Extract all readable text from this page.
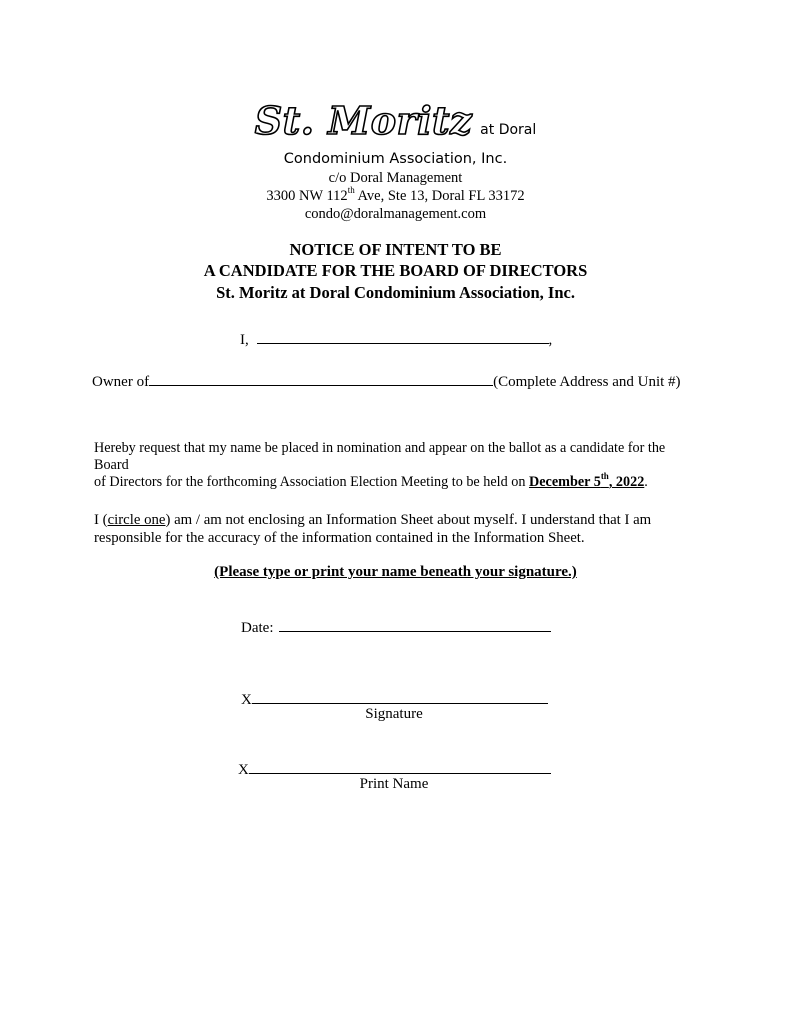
St. Moritz at Doral
Condominium Association, Inc.
c/o Doral Management
3300 NW 112th Ave, Ste 13, Doral FL 33172
condo@doralmanagement.com
NOTICE OF INTENT TO BE
A CANDIDATE FOR THE BOARD OF DIRECTORS
St. Moritz at Doral Condominium Association, Inc.
I,	,
Owner of	(Complete Address and Unit #)
Hereby request that my name be placed in nomination and appear on the ballot as a candidate for the Board
of Directors for the forthcoming Association Election Meeting to be held on December 5th, 2022.
I (circle one) am / am not enclosing an Information Sheet about myself. I understand that I am
responsible for the accuracy of the information contained in the Information Sheet.
(Please type or print your name beneath your signature.)
Date:
X
Signature
X
Print Name
